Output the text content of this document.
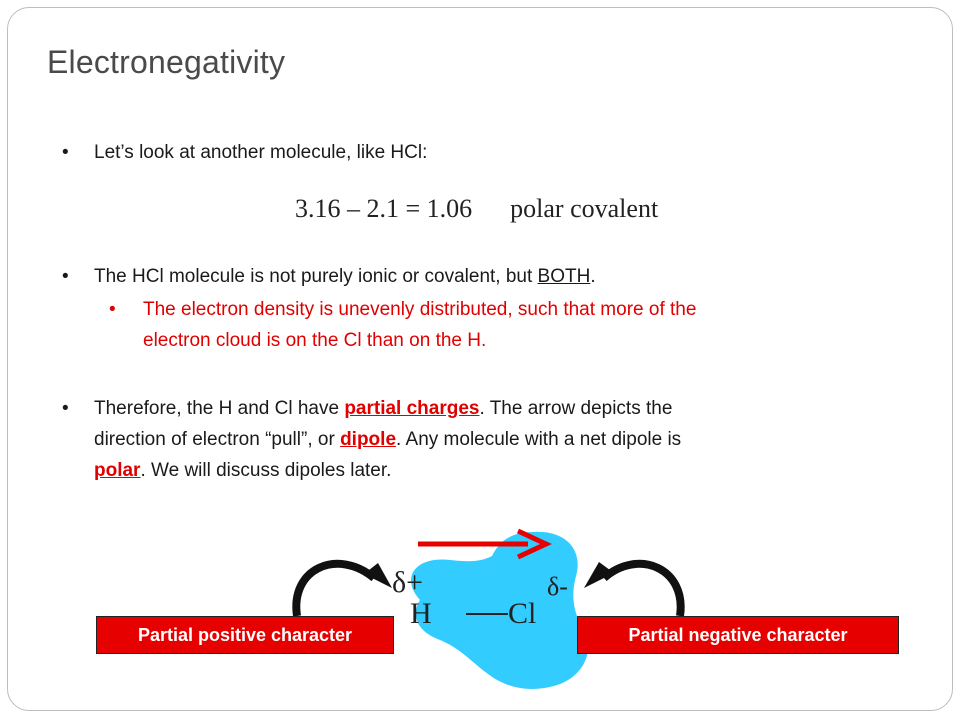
Electronegativity
• Let’s look at another molecule, like HCl:
3.16 – 2.1 = 1.06 polar covalent
• The HCl molecule is not purely ionic or covalent, but BOTH.
• The electron density is unevenly distributed, such that more of the
electron cloud is on the Cl than on the H.
• Therefore, the H and Cl have partial charges. The arrow depicts the
direction of electron “pull”, or dipole. Any molecule with a net dipole is
polar. We will discuss dipoles later.
δ+	δ-
H	Cl
Partial positive character	Partial negative character
